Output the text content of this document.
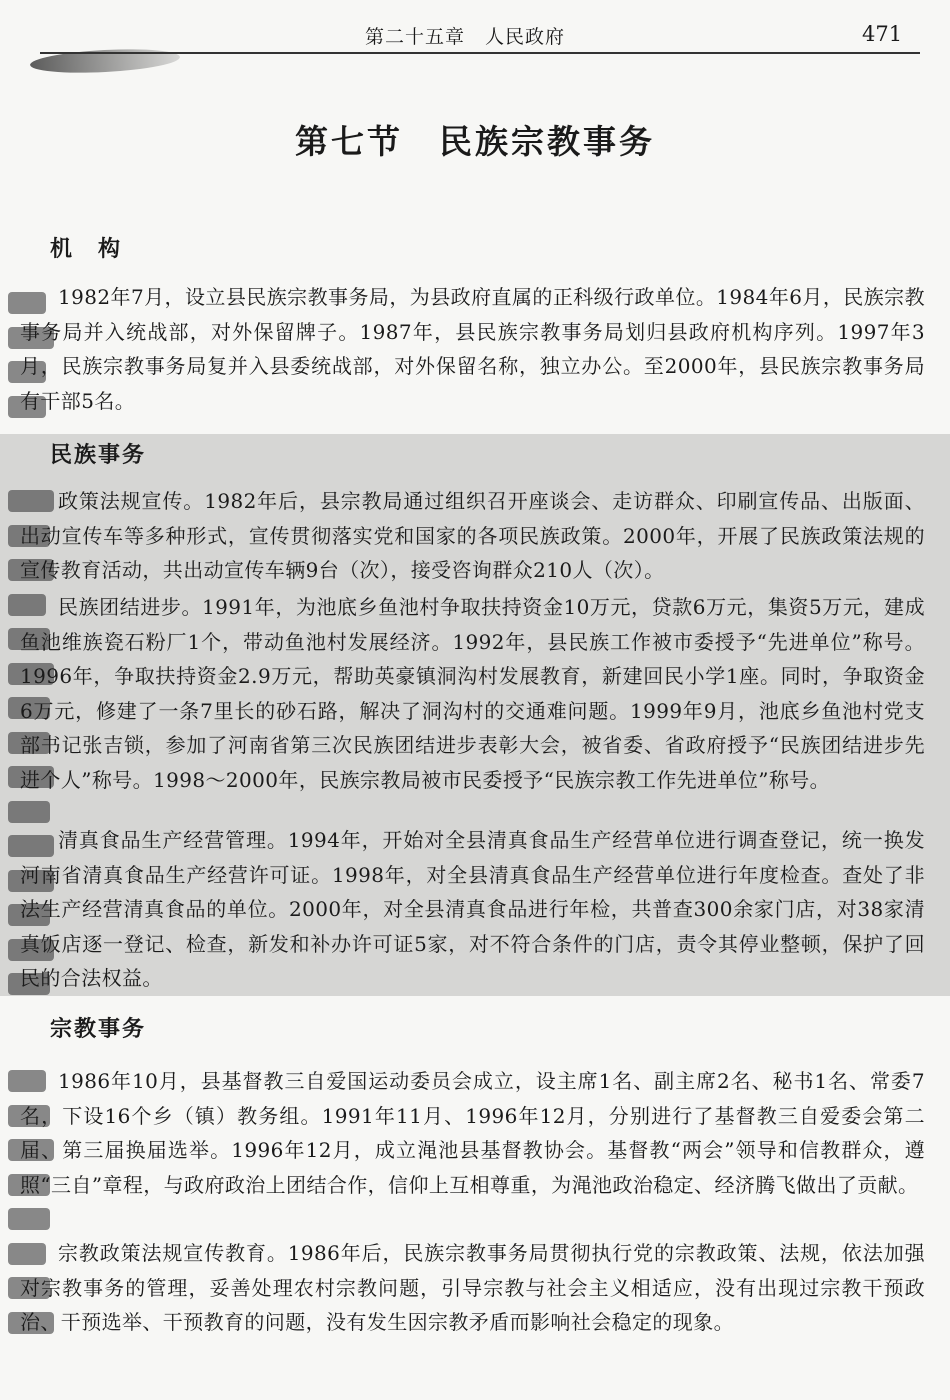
第二十五章　人民政府	471
第七节　民族宗教事务
机　构
1982年7月，设立县民族宗教事务局，为县政府直属的正科级行政单位。1984年6月，民族宗教事务局并入统战部，对外保留牌子。1987年，县民族宗教事务局划归县政府机构序列。1997年3月，民族宗教事务局复并入县委统战部，对外保留名称，独立办公。至2000年，县民族宗教事务局有干部5名。
民族事务
政策法规宣传。1982年后，县宗教局通过组织召开座谈会、走访群众、印刷宣传品、出版面、出动宣传车等多种形式，宣传贯彻落实党和国家的各项民族政策。2000年，开展了民族政策法规的宣传教育活动，共出动宣传车辆9台（次），接受咨询群众210人（次）。
民族团结进步。1991年，为池底乡鱼池村争取扶持资金10万元，贷款6万元，集资5万元，建成鱼池维族瓷石粉厂1个，带动鱼池村发展经济。1992年，县民族工作被市委授予“先进单位”称号。1996年，争取扶持资金2.9万元，帮助英豪镇洞沟村发展教育，新建回民小学1座。同时，争取资金6万元，修建了一条7里长的砂石路，解决了洞沟村的交通难问题。1999年9月，池底乡鱼池村党支部书记张吉锁，参加了河南省第三次民族团结进步表彰大会，被省委、省政府授予“民族团结进步先进个人”称号。1998～2000年，民族宗教局被市民委授予“民族宗教工作先进单位”称号。
清真食品生产经营管理。1994年，开始对全县清真食品生产经营单位进行调查登记，统一换发河南省清真食品生产经营许可证。1998年，对全县清真食品生产经营单位进行年度检查。查处了非法生产经营清真食品的单位。2000年，对全县清真食品进行年检，共普查300余家门店，对38家清真饭店逐一登记、检查，新发和补办许可证5家，对不符合条件的门店，责令其停业整顿，保护了回民的合法权益。
宗教事务
1986年10月，县基督教三自爱国运动委员会成立，设主席1名、副主席2名、秘书1名、常委7名，下设16个乡（镇）教务组。1991年11月、1996年12月，分别进行了基督教三自爱委会第二届、第三届换届选举。1996年12月，成立渑池县基督教协会。基督教“两会”领导和信教群众，遵照“三自”章程，与政府政治上团结合作，信仰上互相尊重，为渑池政治稳定、经济腾飞做出了贡献。
宗教政策法规宣传教育。1986年后，民族宗教事务局贯彻执行党的宗教政策、法规，依法加强对宗教事务的管理，妥善处理农村宗教问题，引导宗教与社会主义相适应，没有出现过宗教干预政治、干预选举、干预教育的问题，没有发生因宗教矛盾而影响社会稳定的现象。
